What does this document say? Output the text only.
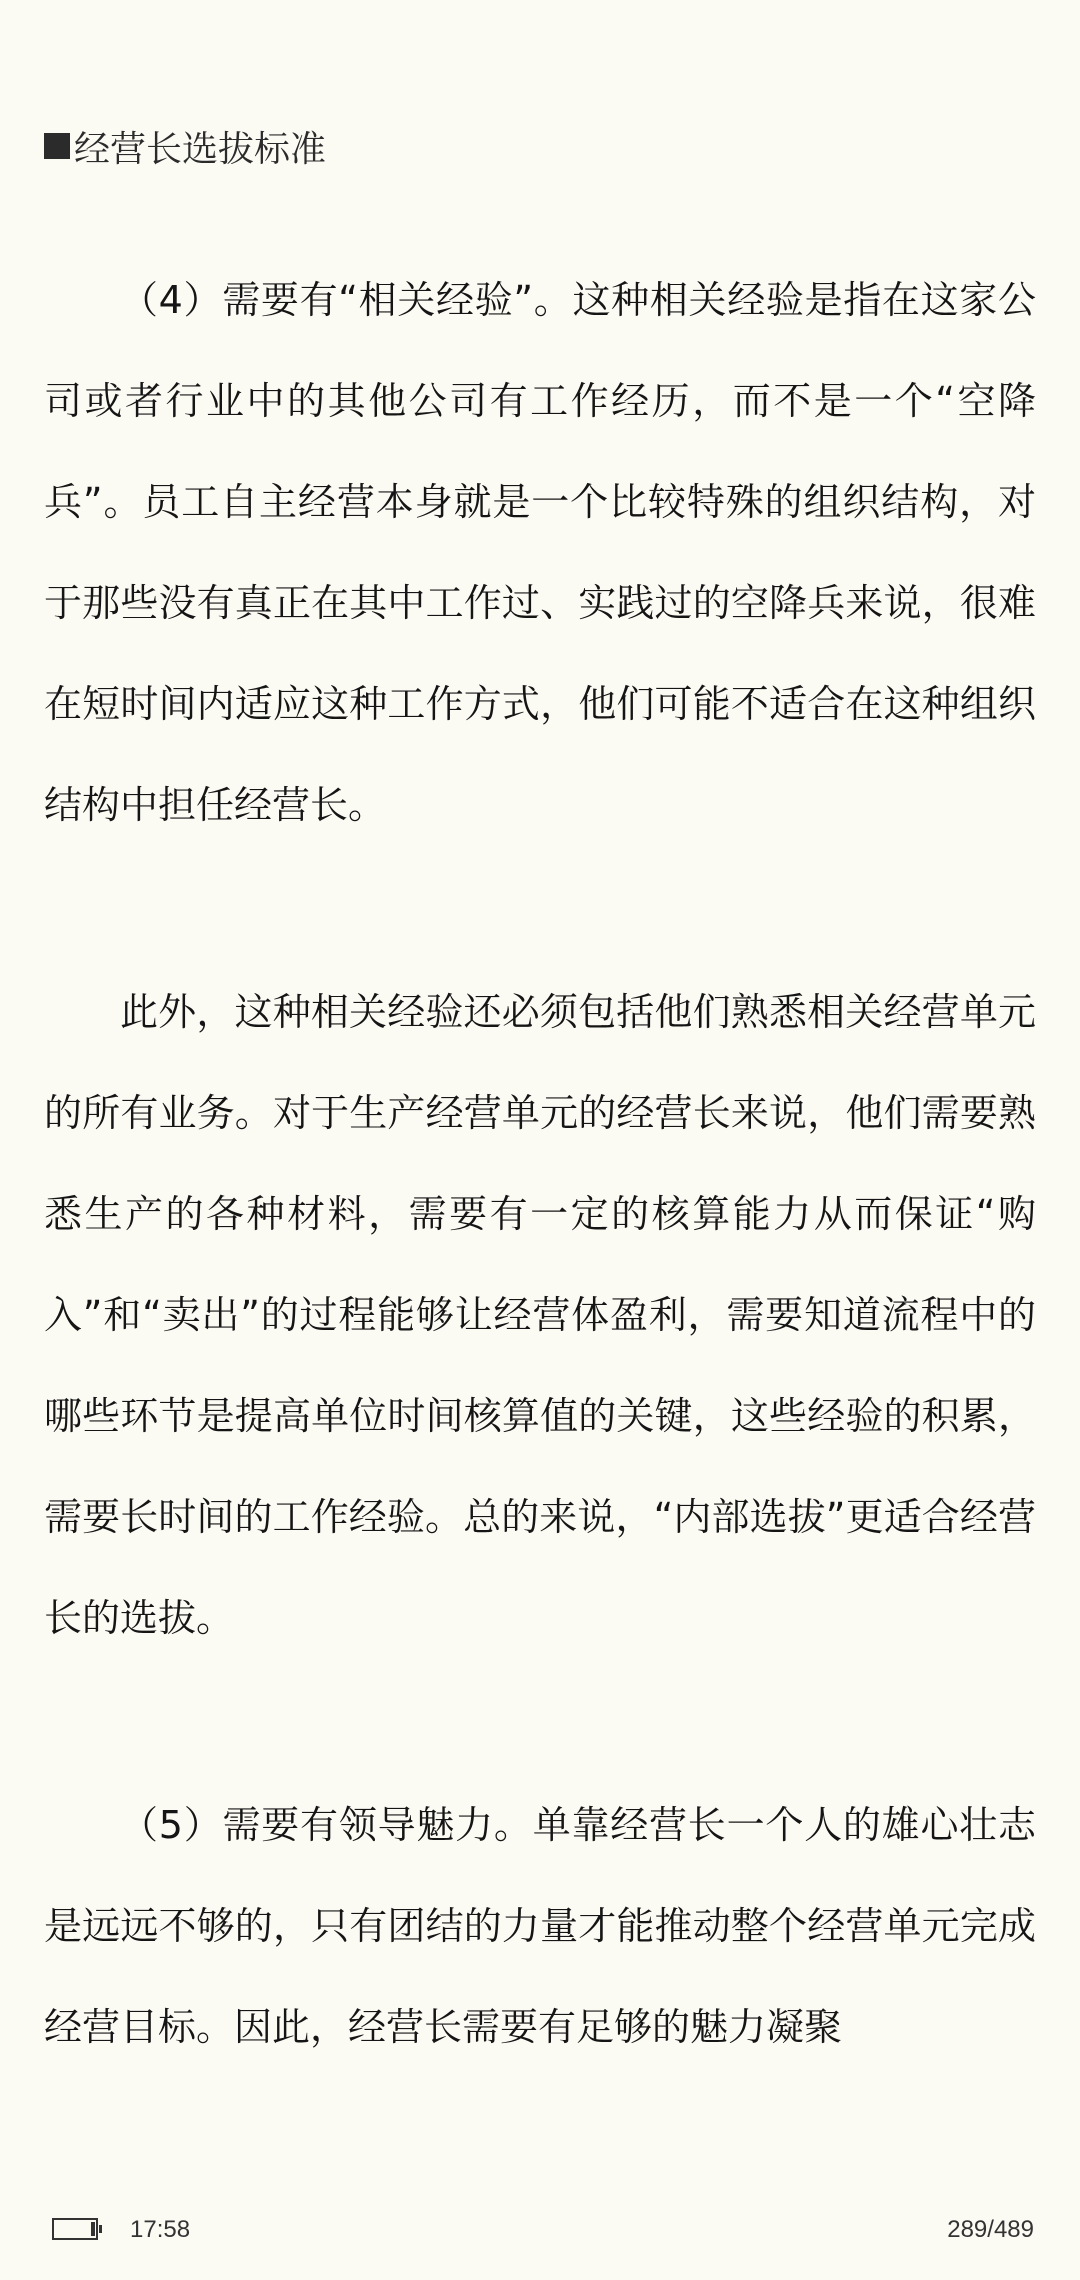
经营长选拔标准

（4）需要有“相关经验”。这种相关经验是指在这家公司或者行业中的其他公司有工作经历，而不是一个“空降兵”。员工自主经营本身就是一个比较特殊的组织结构，对于那些没有真正在其中工作过、实践过的空降兵来说，很难在短时间内适应这种工作方式，他们可能不适合在这种组织结构中担任经营长。

此外，这种相关经验还必须包括他们熟悉相关经营单元的所有业务。对于生产经营单元的经营长来说，他们需要熟悉生产的各种材料，需要有一定的核算能力从而保证“购入”和“卖出”的过程能够让经营体盈利，需要知道流程中的哪些环节是提高单位时间核算值的关键，这些经验的积累，需要长时间的工作经验。总的来说，“内部选拔”更适合经营长的选拔。

（5）需要有领导魅力。单靠经营长一个人的雄心壮志是远远不够的，只有团结的力量才能推动整个经营单元完成经营目标。因此，经营长需要有足够的魅力凝聚

17:58	289/489
